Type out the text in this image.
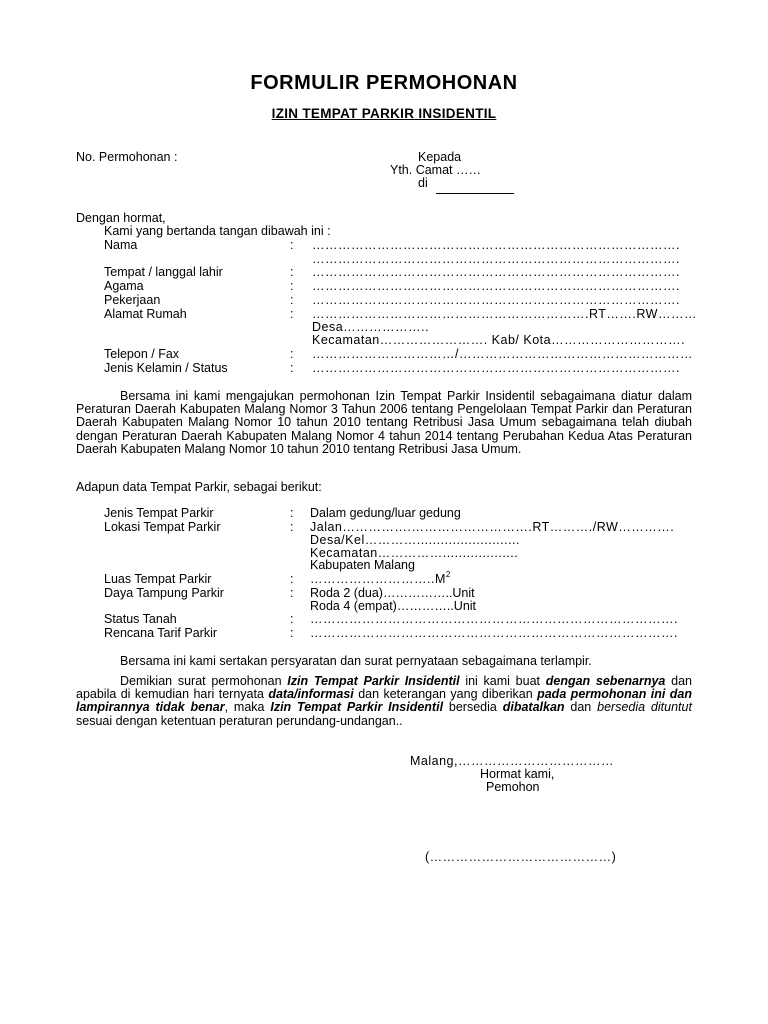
FORMULIR PERMOHONAN
IZIN TEMPAT PARKIR INSIDENTIL
No. Permohonan :	Kepada
Yth. Camat ……
di
Dengan hormat,
Kami yang bertanda tangan dibawah ini :
Nama	: ………………………………………………………………………….
………………………………………………………………………….
Tempat / langgal lahir	: ………………………………………………………………………….
Agama	: ………………………………………………………………………….
Pekerjaan	: ………………………………………………………………………….
Alamat Rumah	: ……………………………………………………….RT…….RW………
Desa………………..
Kecamatan……………………. Kab/ Kota………………………….
Telepon / Fax	: ……………………………/………………………………………………
Jenis Kelamin / Status	: ………………………………………………………………………….
Bersama ini kami mengajukan permohonan Izin Tempat Parkir Insidentil sebagaimana diatur dalam Peraturan Daerah Kabupaten Malang Nomor 3 Tahun 2006 tentang Pengelolaan Tempat Parkir dan Peraturan Daerah Kabupaten Malang Nomor 10 tahun 2010 tentang Retribusi Jasa Umum sebagaimana telah diubah dengan Peraturan Daerah Kabupaten Malang Nomor 4 tahun 2014 tentang Perubahan Kedua Atas Peraturan Daerah Kabupaten Malang Nomor 10 tahun 2010 tentang Retribusi Jasa Umum.
Adapun data Tempat Parkir, sebagai berikut:
Jenis Tempat Parkir	: Dalam gedung/luar gedung
Lokasi Tempat Parkir	: Jalan…………….……………………….RT………./RW………….
Desa/Kel…………..........................
Kecamatan……………...................
Kabupaten Malang
Luas Tempat Parkir	: $\dots\dots\dots\dots\dots\dots\dots\dots\dots..M^2$
Daya Tampung Parkir	: Roda 2 (dua)……………..Unit
Roda 4 (empat)…………..Unit
Status Tanah	: ………………………………………………………………………….
Rencana Tarif Parkir	: ………………………………………………………………………….
Bersama ini kami sertakan persyaratan dan surat pernyataan sebagaimana terlampir.
Demikian surat permohonan Izin Tempat Parkir Insidentil ini kami buat dengan sebenarnya dan apabila di kemudian hari ternyata data/informasi dan keterangan yang diberikan pada permohonan ini dan lampirannya tidak benar, maka Izin Tempat Parkir Insidentil bersedia dibatalkan dan bersedia dituntut sesuai dengan ketentuan peraturan perundang-undangan..
Malang,………………………………
Hormat kami,
Pemohon
(……………………………………)
